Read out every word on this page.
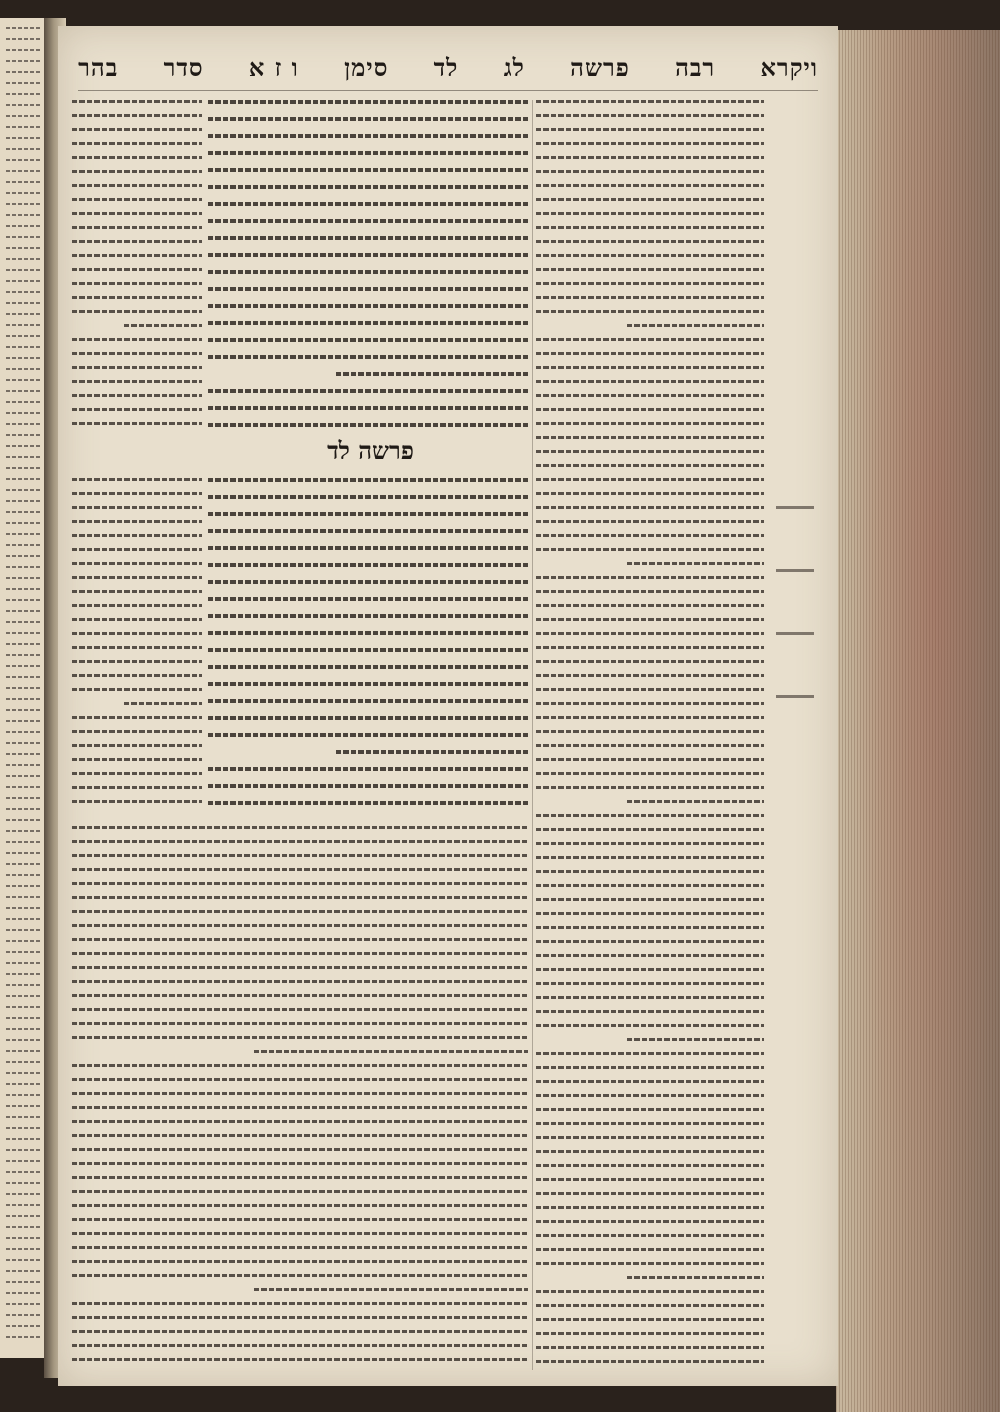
ויקרא
רבה
פרשה
לג
לד
סימן
ו ז א
סדר
בהר
פרשה לד
